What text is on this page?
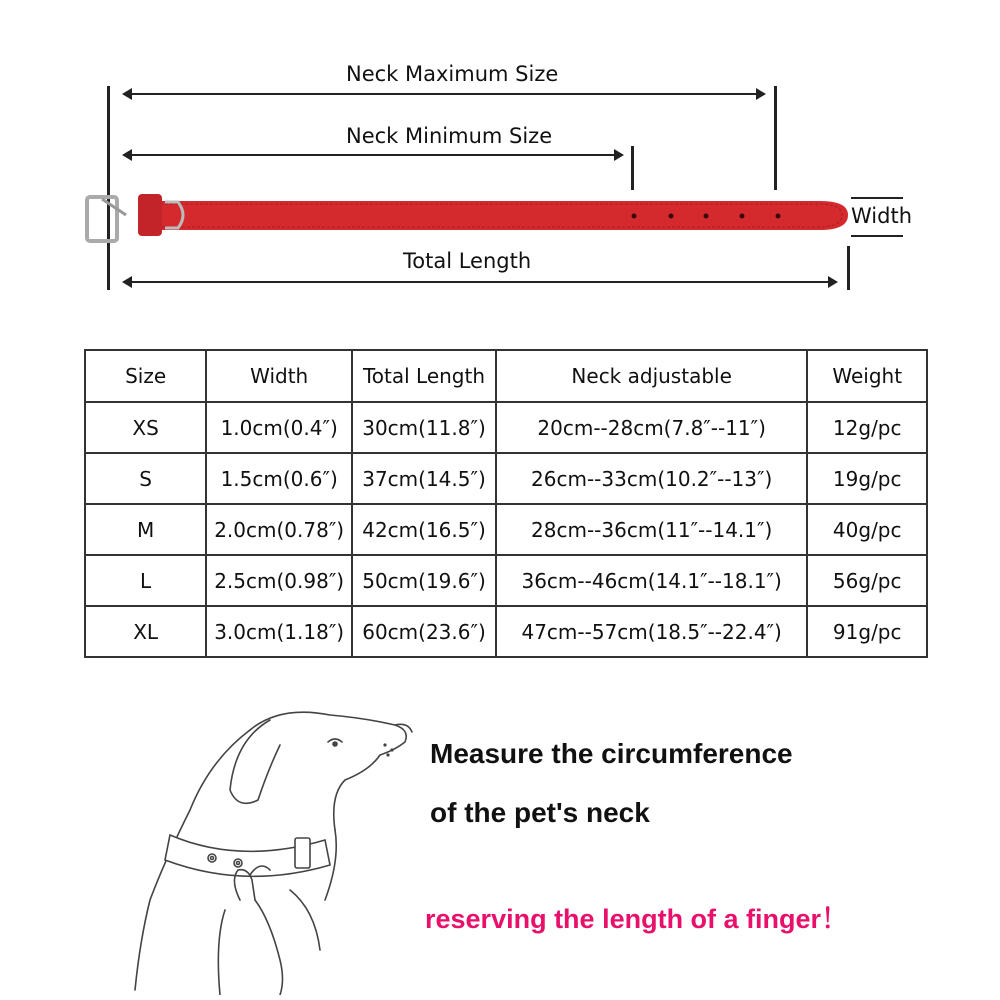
Neck Maximum Size
Neck Minimum Size
Width
Total Length
Size	Width	Total Length	Neck adjustable	Weight
XS	1.0cm(0.4″)	30cm(11.8″)	20cm--28cm(7.8″--11″)	12g/pc
S	1.5cm(0.6″)	37cm(14.5″)	26cm--33cm(10.2″--13″)	19g/pc
M	2.0cm(0.78″)	42cm(16.5″)	28cm--36cm(11″--14.1″)	40g/pc
L	2.5cm(0.98″)	50cm(19.6″)	36cm--46cm(14.1″--18.1″)	56g/pc
XL	3.0cm(1.18″)	60cm(23.6″)	47cm--57cm(18.5″--22.4″)	91g/pc
Measure the circumference
of the pet's neck
reserving the length of a finger！
